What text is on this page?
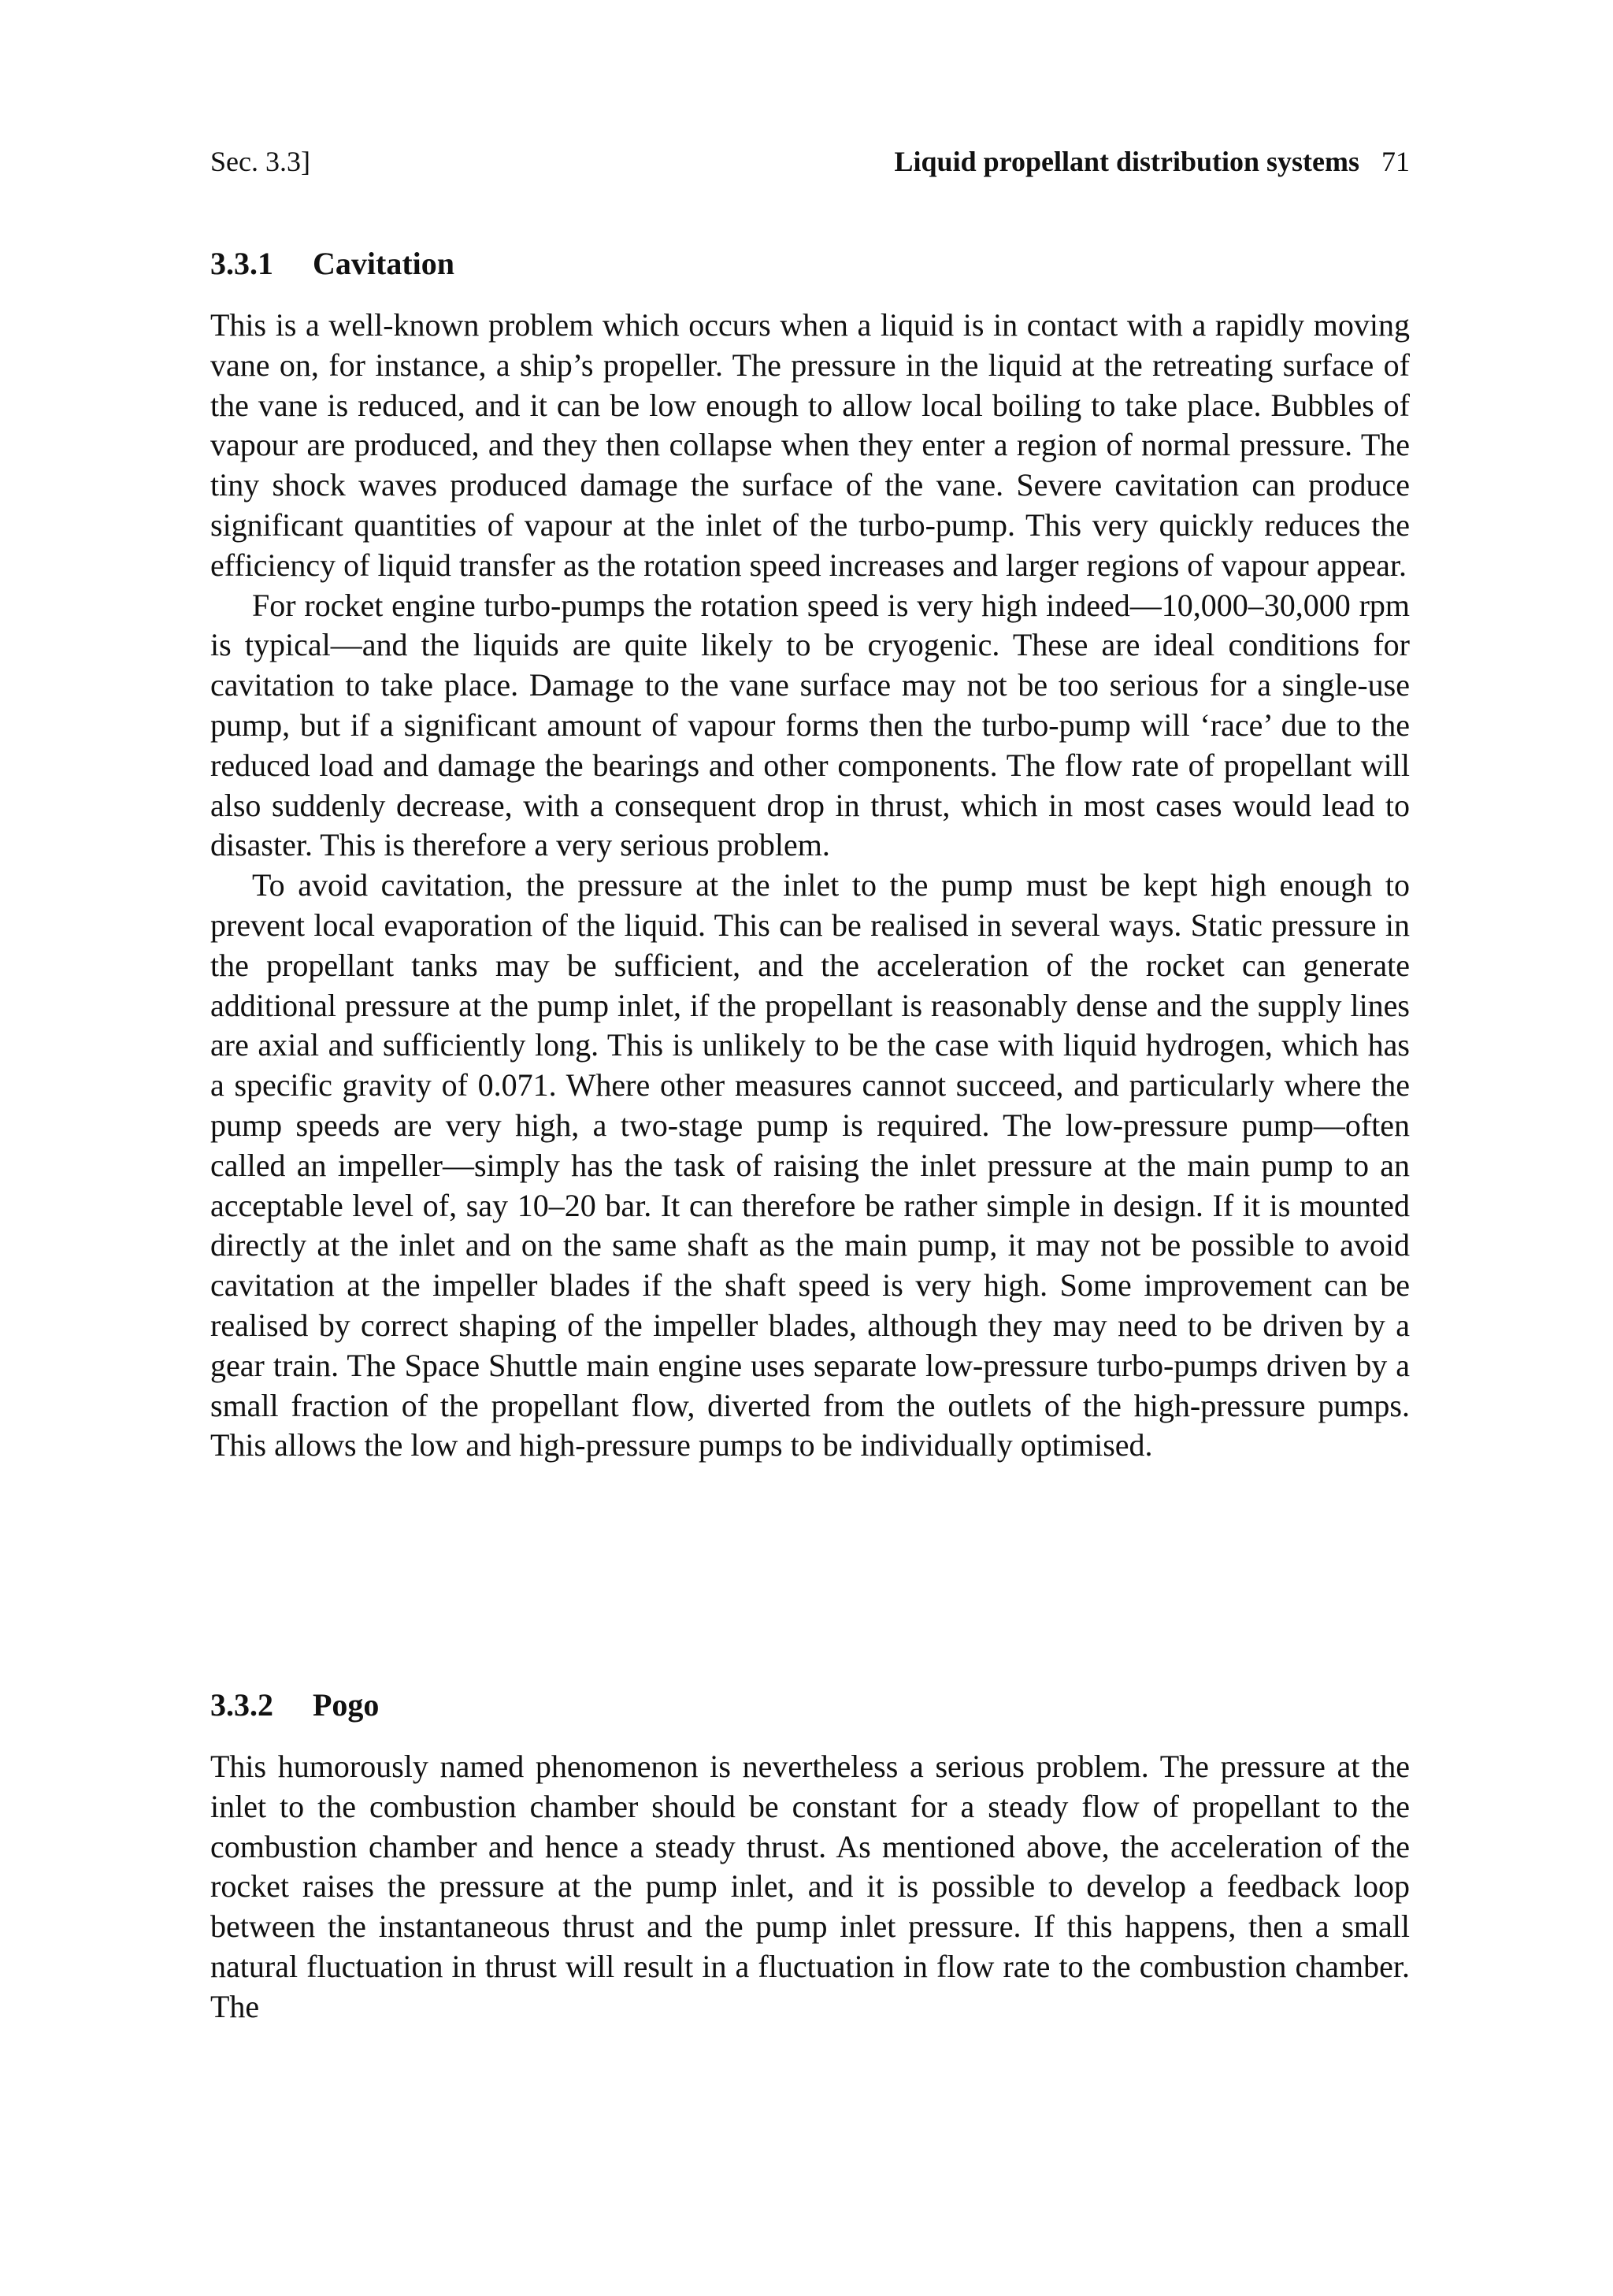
Sec. 3.3]	Liquid propellant distribution systems 71
3.3.1 Cavitation

This is a well-known problem which occurs when a liquid is in contact with a rapidly moving vane on, for instance, a ship’s propeller. The pressure in the liquid at the retreating surface of the vane is reduced, and it can be low enough to allow local boiling to take place. Bubbles of vapour are produced, and they then collapse when they enter a region of normal pressure. The tiny shock waves produced damage the surface of the vane. Severe cavitation can produce significant quantities of vapour at the inlet of the turbo-pump. This very quickly reduces the efficiency of liquid transfer as the rotation speed increases and larger regions of vapour appear.

For rocket engine turbo-pumps the rotation speed is very high indeed—10,000–30,000 rpm is typical—and the liquids are quite likely to be cryogenic. These are ideal conditions for cavitation to take place. Damage to the vane surface may not be too serious for a single-use pump, but if a significant amount of vapour forms then the turbo-pump will ‘race’ due to the reduced load and damage the bearings and other components. The flow rate of propellant will also suddenly decrease, with a consequent drop in thrust, which in most cases would lead to disaster. This is therefore a very serious problem.

To avoid cavitation, the pressure at the inlet to the pump must be kept high enough to prevent local evaporation of the liquid. This can be realised in several ways. Static pressure in the propellant tanks may be sufficient, and the acceleration of the rocket can generate additional pressure at the pump inlet, if the propellant is reasonably dense and the supply lines are axial and sufficiently long. This is unlikely to be the case with liquid hydrogen, which has a specific gravity of 0.071. Where other measures cannot succeed, and particularly where the pump speeds are very high, a two-stage pump is required. The low-pressure pump—often called an impeller—simply has the task of raising the inlet pressure at the main pump to an acceptable level of, say 10–20 bar. It can therefore be rather simple in design. If it is mounted directly at the inlet and on the same shaft as the main pump, it may not be possible to avoid cavitation at the impeller blades if the shaft speed is very high. Some improvement can be realised by correct shaping of the impeller blades, although they may need to be driven by a gear train. The Space Shuttle main engine uses separate low-pressure turbo-pumps driven by a small fraction of the propellant flow, diverted from the outlets of the high-pressure pumps. This allows the low and high-pressure pumps to be individually optimised.

3.3.2 Pogo

This humorously named phenomenon is nevertheless a serious problem. The pressure at the inlet to the combustion chamber should be constant for a steady flow of propellant to the combustion chamber and hence a steady thrust. As mentioned above, the acceleration of the rocket raises the pressure at the pump inlet, and it is possible to develop a feedback loop between the instantaneous thrust and the pump inlet pressure. If this happens, then a small natural fluctuation in thrust will result in a fluctuation in flow rate to the combustion chamber. The
